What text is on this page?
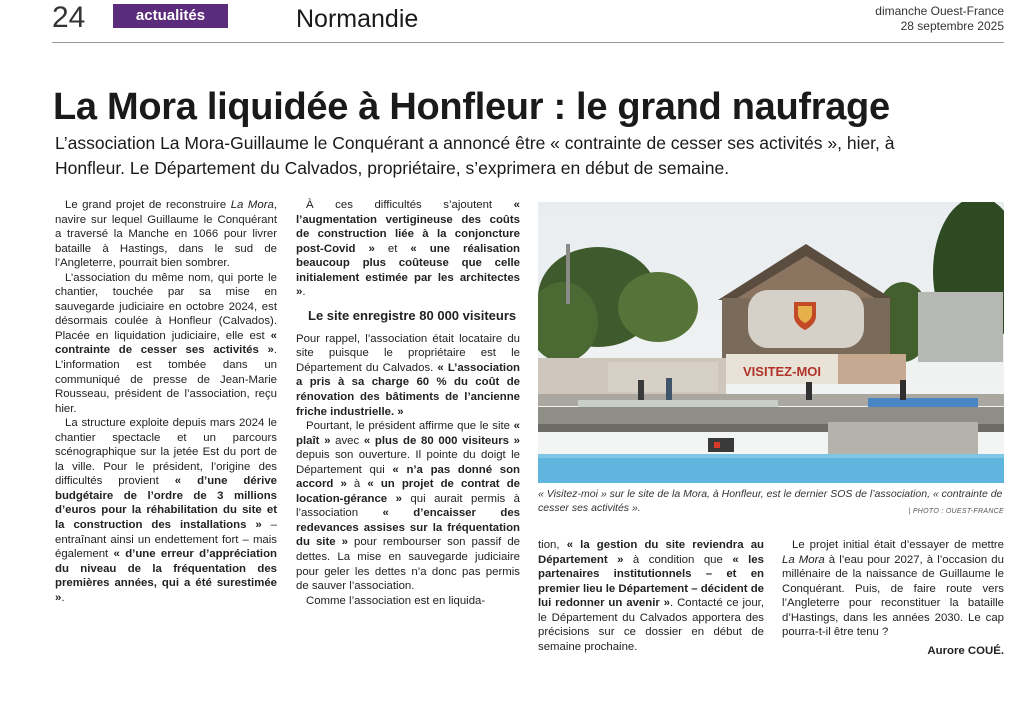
24	actualités	Normandie	dimanche Ouest-France
28 septembre 2025
La Mora liquidée à Honfleur : le grand naufrage

L’association La Mora-Guillaume le Conquérant a annoncé être « contrainte de cesser ses activités », hier, à Honfleur. Le Département du Calvados, propriétaire, s’exprimera en début de semaine.

Le grand projet de reconstruire La Mora, navire sur lequel Guillaume le Conquérant a traversé la Manche en 1066 pour livrer bataille à Hastings, dans le sud de l’Angleterre, pourrait bien sombrer.

L’association du même nom, qui porte le chantier, touchée par sa mise en sauvegarde judiciaire en octobre 2024, est désormais coulée à Honfleur (Calvados). Placée en liquidation judiciaire, elle est « contrainte de cesser ses activités ». L’information est tombée dans un communiqué de presse de Jean-Marie Rousseau, président de l’association, reçu hier.

La structure exploite depuis mars 2024 le chantier spectacle et un parcours scénographique sur la jetée Est du port de la ville. Pour le président, l’origine des difficultés provient « d’une dérive budgétaire de l’ordre de 3 millions d’euros pour la réhabilitation du site et la construction des installations » – entraînant ainsi un endettement fort – mais également « d’une erreur d’appréciation du niveau de la fréquentation des premières années, qui a été surestimée ».

À ces difficultés s’ajoutent « l’augmentation vertigineuse des coûts de construction liée à la conjoncture post-Covid » et « une réalisation beaucoup plus coûteuse que celle initialement estimée par les architectes ».

Le site enregistre 80 000 visiteurs

Pour rappel, l’association était locataire du site puisque le propriétaire est le Département du Calvados. « L’association a pris à sa charge 60 % du coût de rénovation des bâtiments de l’ancienne friche industrielle. »

Pourtant, le président affirme que le site « plaît » avec « plus de 80 000 visiteurs » depuis son ouverture. Il pointe du doigt le Département qui « n’a pas donné son accord » à « un projet de contrat de location-gérance » qui aurait permis à l’association « d’encaisser des redevances assises sur la fréquentation du site » pour rembourser son passif de dettes. La mise en sauvegarde judiciaire pour geler les dettes n’a donc pas permis de sauver l’association.

Comme l’association est en liquida-

VISITEZ-MOI
« Visitez-moi » sur le site de la Mora, à Honfleur, est le dernier SOS de l’association, « contrainte de cesser ses activités ».	| PHOTO : OUEST-FRANCE

tion, « la gestion du site reviendra au Département » à condition que « les partenaires institutionnels – et en premier lieu le Département – décident de lui redonner un avenir ». Contacté ce jour, le Département du Calvados apportera des précisions sur ce dossier en début de semaine prochaine.

Le projet initial était d’essayer de mettre La Mora à l’eau pour 2027, à l’occasion du millénaire de la naissance de Guillaume le Conquérant. Puis, de faire route vers l’Angleterre pour reconstituer la bataille d’Hastings, dans les années 2030. Le cap pourra-t-il être tenu ?

Aurore COUÉ.
